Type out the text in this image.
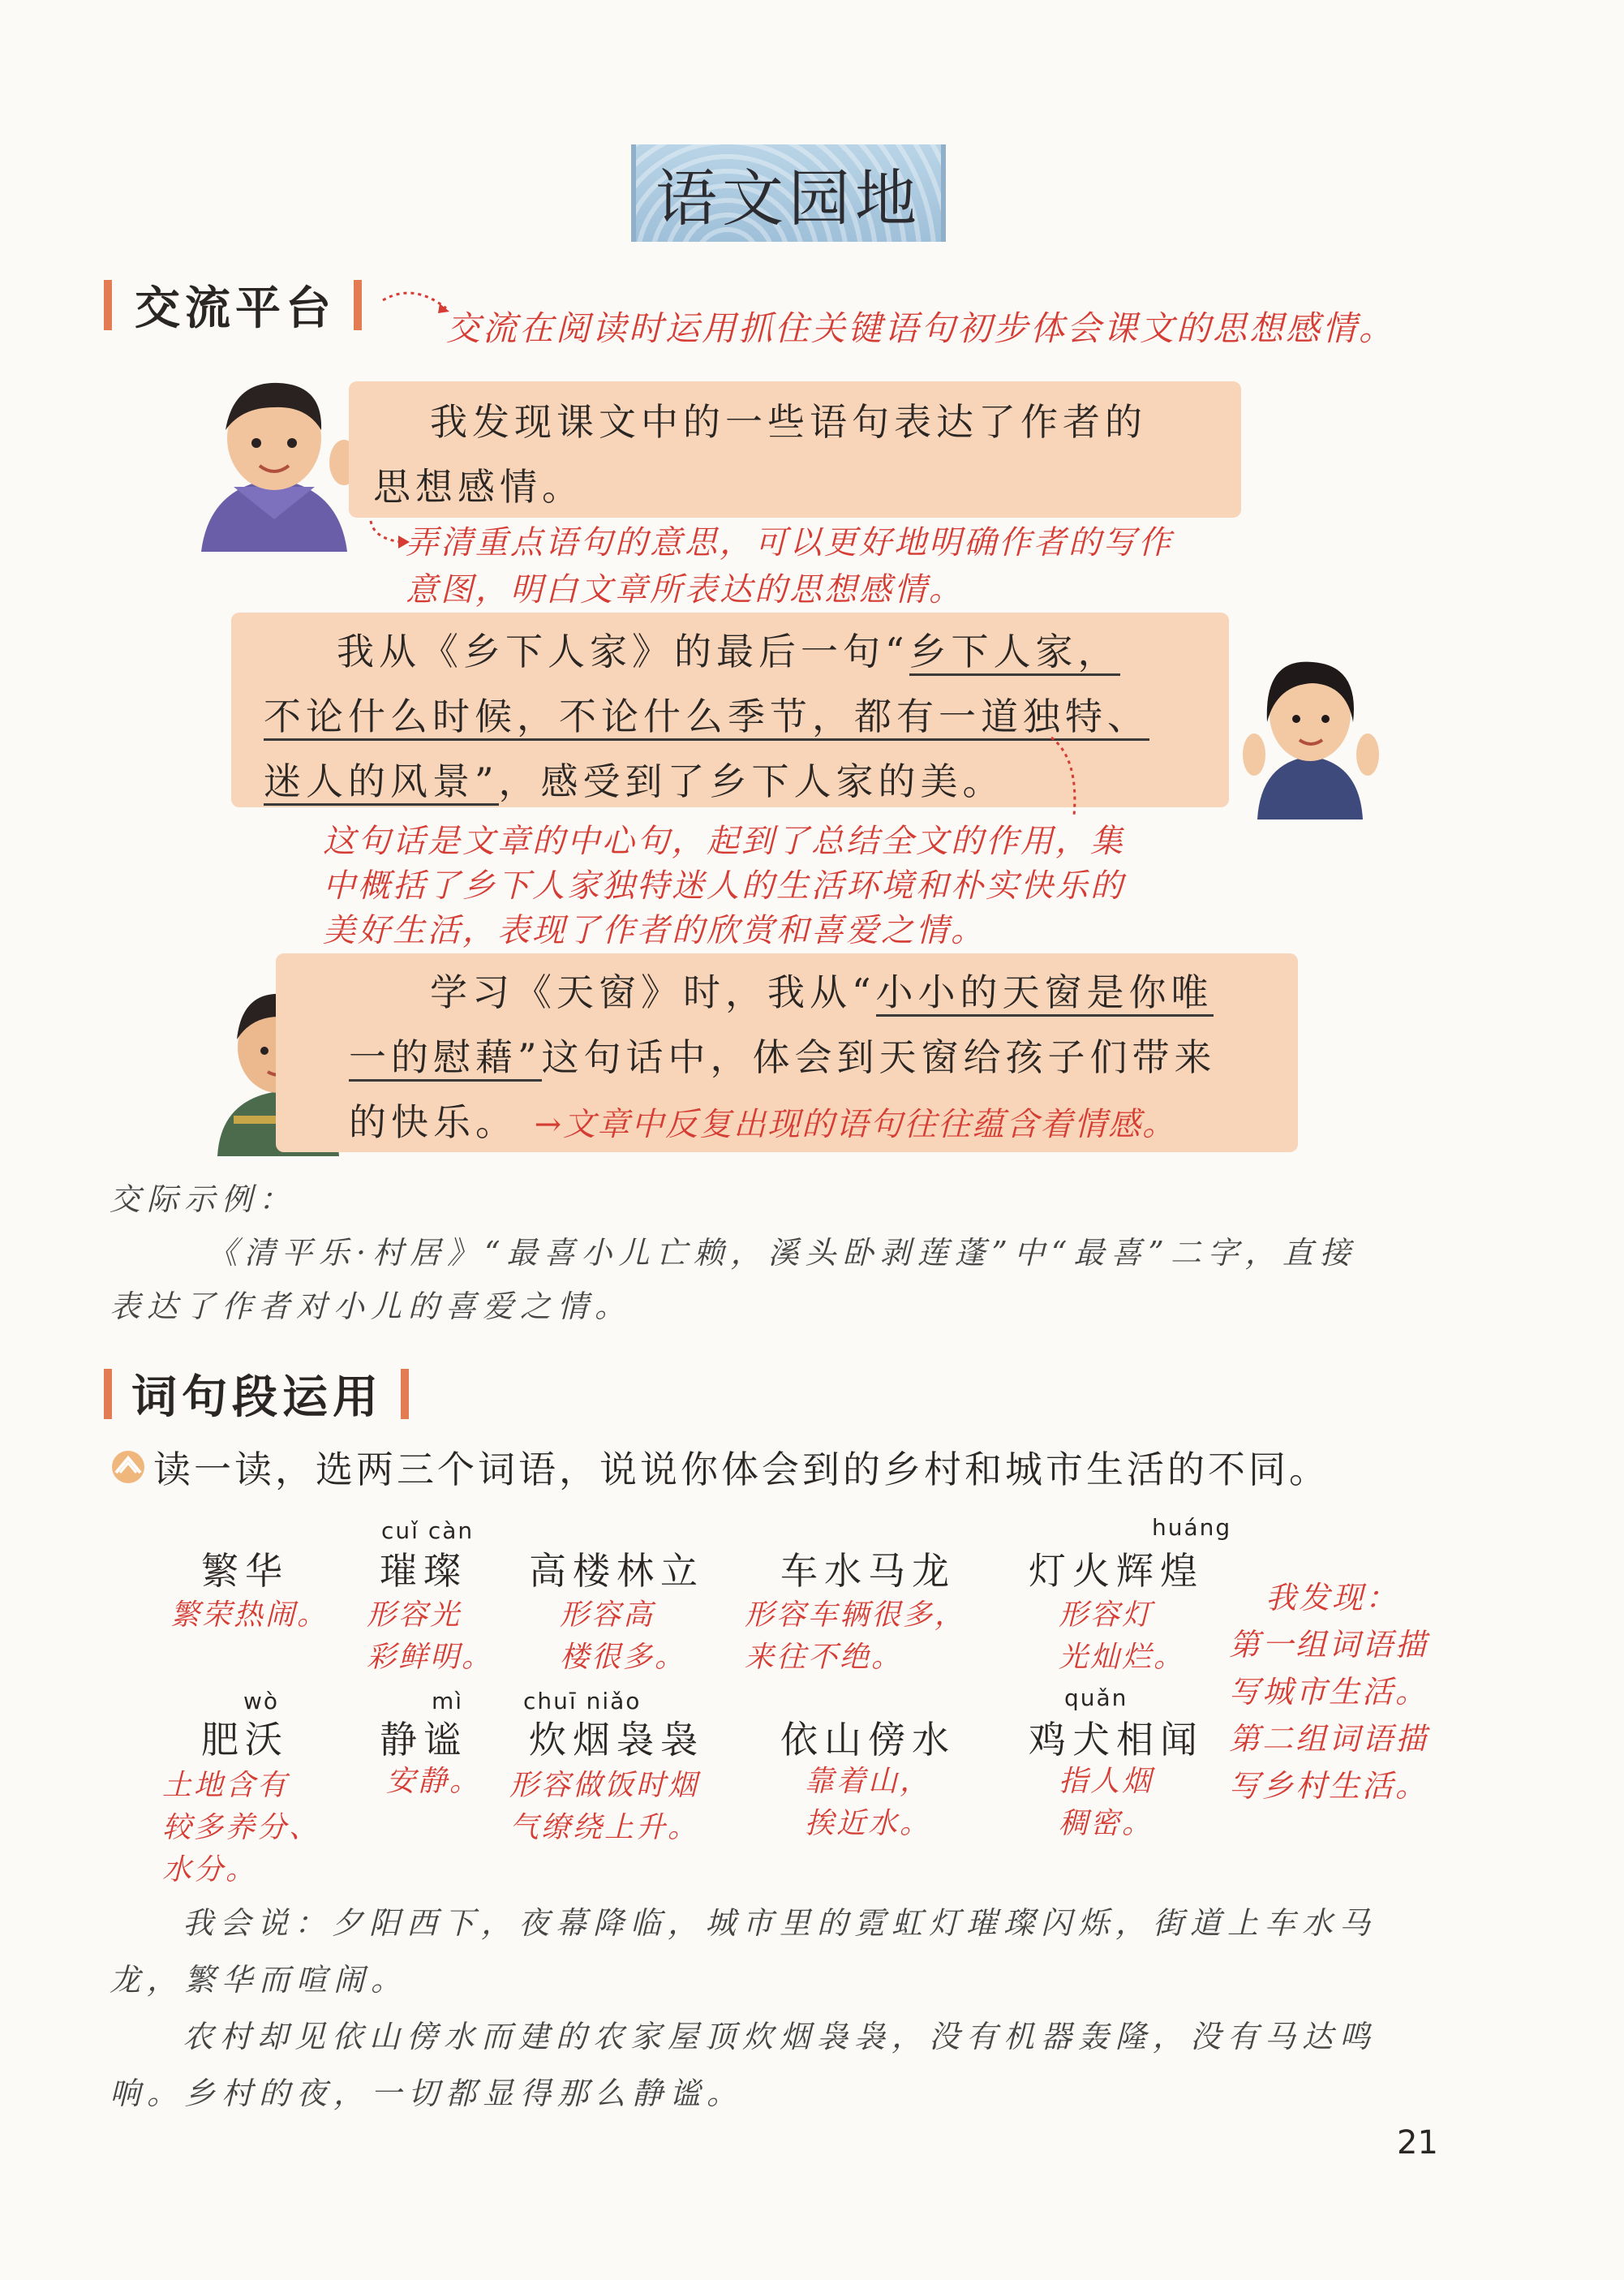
语文园地
交流平台	交流在阅读时运用抓住关键语句初步体会课文的思想感情。
我发现课文中的一些语句表达了作者的
思想感情。
弄清重点语句的意思，可以更好地明确作者的写作
意图，明白文章所表达的思想感情。
我从《乡下人家》的最后一句“乡下人家，
不论什么时候，不论什么季节，都有一道独特、
迷人的风景”，感受到了乡下人家的美。
这句话是文章的中心句，起到了总结全文的作用，集
中概括了乡下人家独特迷人的生活环境和朴实快乐的
美好生活，表现了作者的欣赏和喜爱之情。
学习《天窗》时，我从“小小的天窗是你唯
一的慰藉”这句话中，体会到天窗给孩子们带来
的快乐。 →文章中反复出现的语句往往蕴含着情感。
交际示例：
《清平乐·村居》“最喜小儿亡赖，溪头卧剥莲蓬”中“最喜”二字，直接
表达了作者对小儿的喜爱之情。
词句段运用
读一读，选两三个词语，说说你体会到的乡村和城市生活的不同。
繁华
繁荣热闹。
cuǐ càn
璀璨
形容光
彩鲜明。
高楼林立
形容高
楼很多。
车水马龙
形容车辆很多，
来往不绝。
huáng
灯火辉煌
形容灯
光灿烂。
我发现：
第一组词语描
写城市生活。
第二组词语描
写乡村生活。
wò
肥沃
土地含有
较多养分、
水分。
mì
静谧
安静。
chuī niǎo
炊烟袅袅
形容做饭时烟
气缭绕上升。
依山傍水
靠着山，
挨近水。
quǎn
鸡犬相闻
指人烟
稠密。
我会说：夕阳西下，夜幕降临，城市里的霓虹灯璀璨闪烁，街道上车水马
龙，繁华而喧闹。
农村却见依山傍水而建的农家屋顶炊烟袅袅，没有机器轰隆，没有马达鸣
响。乡村的夜，一切都显得那么静谧。
21
